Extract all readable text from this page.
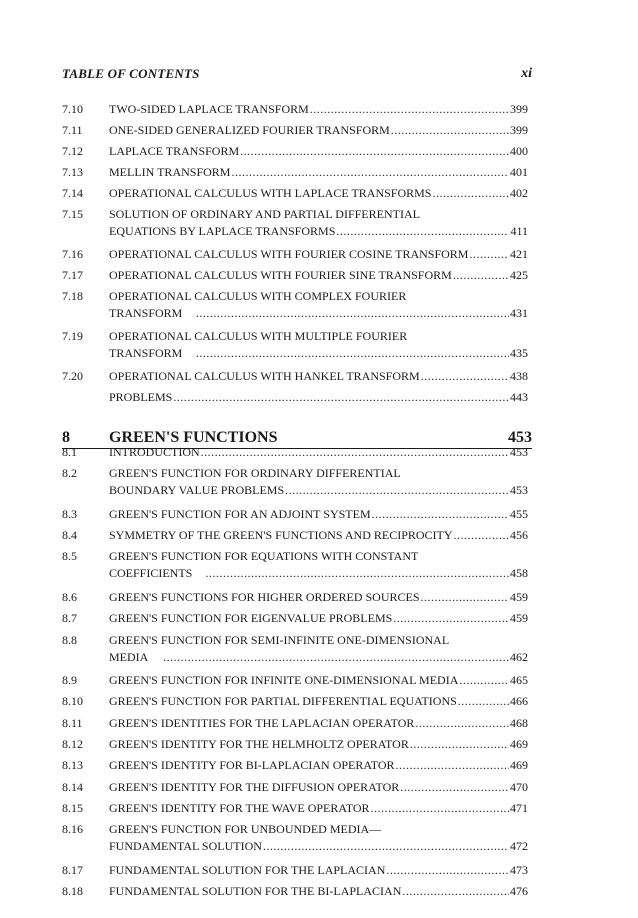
TABLE OF CONTENTS	xi
7.10 TWO-SIDED LAPLACE TRANSFORM .....	399
7.11 ONE-SIDED GENERALIZED FOURIER TRANSFORM .....	399
7.12 LAPLACE TRANSFORM .....	400
7.13 MELLIN TRANSFORM .....	401
7.14 OPERATIONAL CALCULUS WITH LAPLACE TRANSFORMS .....	402
7.15 SOLUTION OF ORDINARY AND PARTIAL DIFFERENTIAL
EQUATIONS BY LAPLACE TRANSFORMS .....	411
7.16 OPERATIONAL CALCULUS WITH FOURIER COSINE TRANSFORM .....	421
7.17 OPERATIONAL CALCULUS WITH FOURIER SINE TRANSFORM .....	425
7.18 OPERATIONAL CALCULUS WITH COMPLEX FOURIER
TRANSFORM .....	431
7.19 OPERATIONAL CALCULUS WITH MULTIPLE FOURIER
TRANSFORM .....	435
7.20 OPERATIONAL CALCULUS WITH HANKEL TRANSFORM .....	438
PROBLEMS .....	443
8 GREEN'S FUNCTIONS	453
8.1	INTRODUCTION .....	453
8.2	GREEN'S FUNCTION FOR ORDINARY DIFFERENTIAL
BOUNDARY VALUE PROBLEMS .....	453
8.3	GREEN'S FUNCTION FOR AN ADJOINT SYSTEM .....	455
8.4	SYMMETRY OF THE GREEN'S FUNCTIONS AND RECIPROCITY .....	456
8.5	GREEN'S FUNCTION FOR EQUATIONS WITH CONSTANT
COEFFICIENTS .....	458
8.6	GREEN'S FUNCTIONS FOR HIGHER ORDERED SOURCES .....	459
8.7	GREEN'S FUNCTION FOR EIGENVALUE PROBLEMS .....	459
8.8	GREEN'S FUNCTION FOR SEMI-INFINITE ONE-DIMENSIONAL
MEDIA .....	462
8.9	GREEN'S FUNCTION FOR INFINITE ONE-DIMENSIONAL MEDIA .....	465
8.10 GREEN'S FUNCTION FOR PARTIAL DIFFERENTIAL EQUATIONS .....	466
8.11 GREEN'S IDENTITIES FOR THE LAPLACIAN OPERATOR .....	468
8.12 GREEN'S IDENTITY FOR THE HELMHOLTZ OPERATOR .....	469
8.13 GREEN'S IDENTITY FOR BI-LAPLACIAN OPERATOR .....	469
8.14 GREEN'S IDENTITY FOR THE DIFFUSION OPERATOR .....	470
8.15 GREEN'S IDENTITY FOR THE WAVE OPERATOR .....	471
8.16 GREEN'S FUNCTION FOR UNBOUNDED MEDIA—
FUNDAMENTAL SOLUTION .....	472
8.17 FUNDAMENTAL SOLUTION FOR THE LAPLACIAN .....	473
8.18 FUNDAMENTAL SOLUTION FOR THE BI-LAPLACIAN .....	476
